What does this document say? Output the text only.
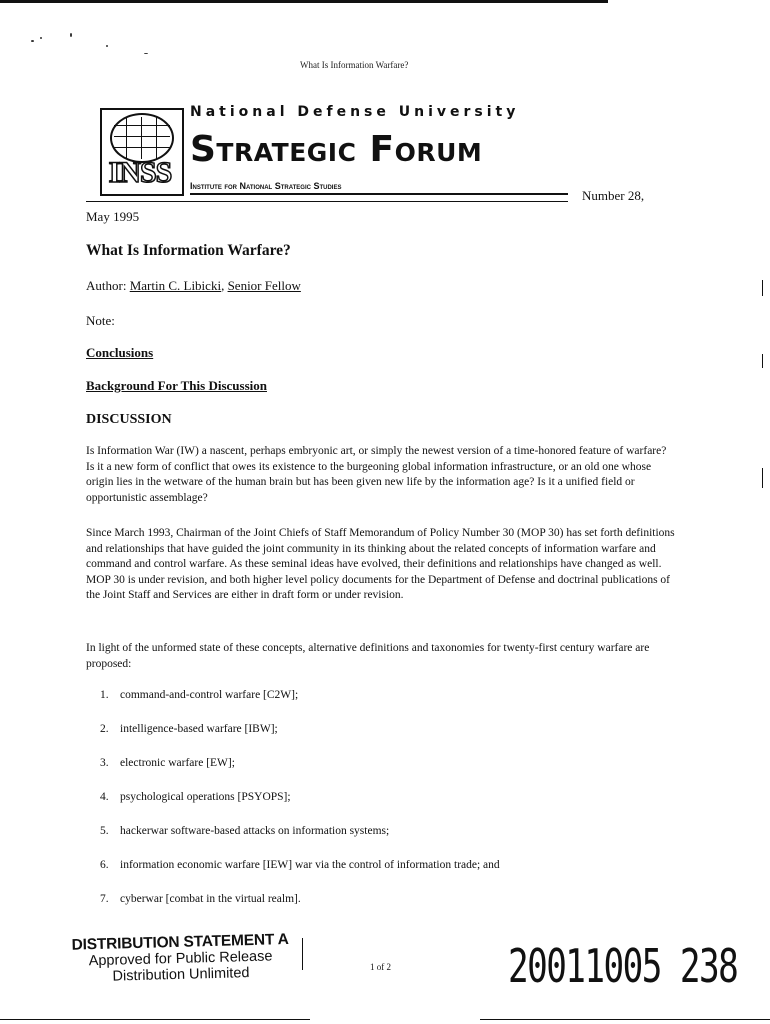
What Is Information Warfare?
INSS
National Defense University
Strategic Forum
Institute for National Strategic Studies
Number 28,
May 1995
What Is Information Warfare?
Author: Martin C. Libicki, Senior Fellow
Note:
Conclusions
Background For This Discussion
DISCUSSION
Is Information War (IW) a nascent, perhaps embryonic art, or simply the newest version of a time-honored feature of warfare? Is it a new form of conflict that owes its existence to the burgeoning global information infrastructure, or an old one whose origin lies in the wetware of the human brain but has been given new life by the information age? Is it a unified field or opportunistic assemblage?
Since March 1993, Chairman of the Joint Chiefs of Staff Memorandum of Policy Number 30 (MOP 30) has set forth definitions and relationships that have guided the joint community in its thinking about the related concepts of information warfare and command and control warfare. As these seminal ideas have evolved, their definitions and relationships have changed as well. MOP 30 is under revision, and both higher level policy documents for the Department of Defense and doctrinal publications of the Joint Staff and Services are either in draft form or under revision.
In light of the unformed state of these concepts, alternative definitions and taxonomies for twenty-first century warfare are proposed:
1. command-and-control warfare [C2W];
2. intelligence-based warfare [IBW];
3. electronic warfare [EW];
4. psychological operations [PSYOPS];
5. hackerwar software-based attacks on information systems;
6. information economic warfare [IEW] war via the control of information trade; and
7. cyberwar [combat in the virtual realm].
DISTRIBUTION STATEMENT A
Approved for Public Release
Distribution Unlimited	1 of 2	20011005 238
